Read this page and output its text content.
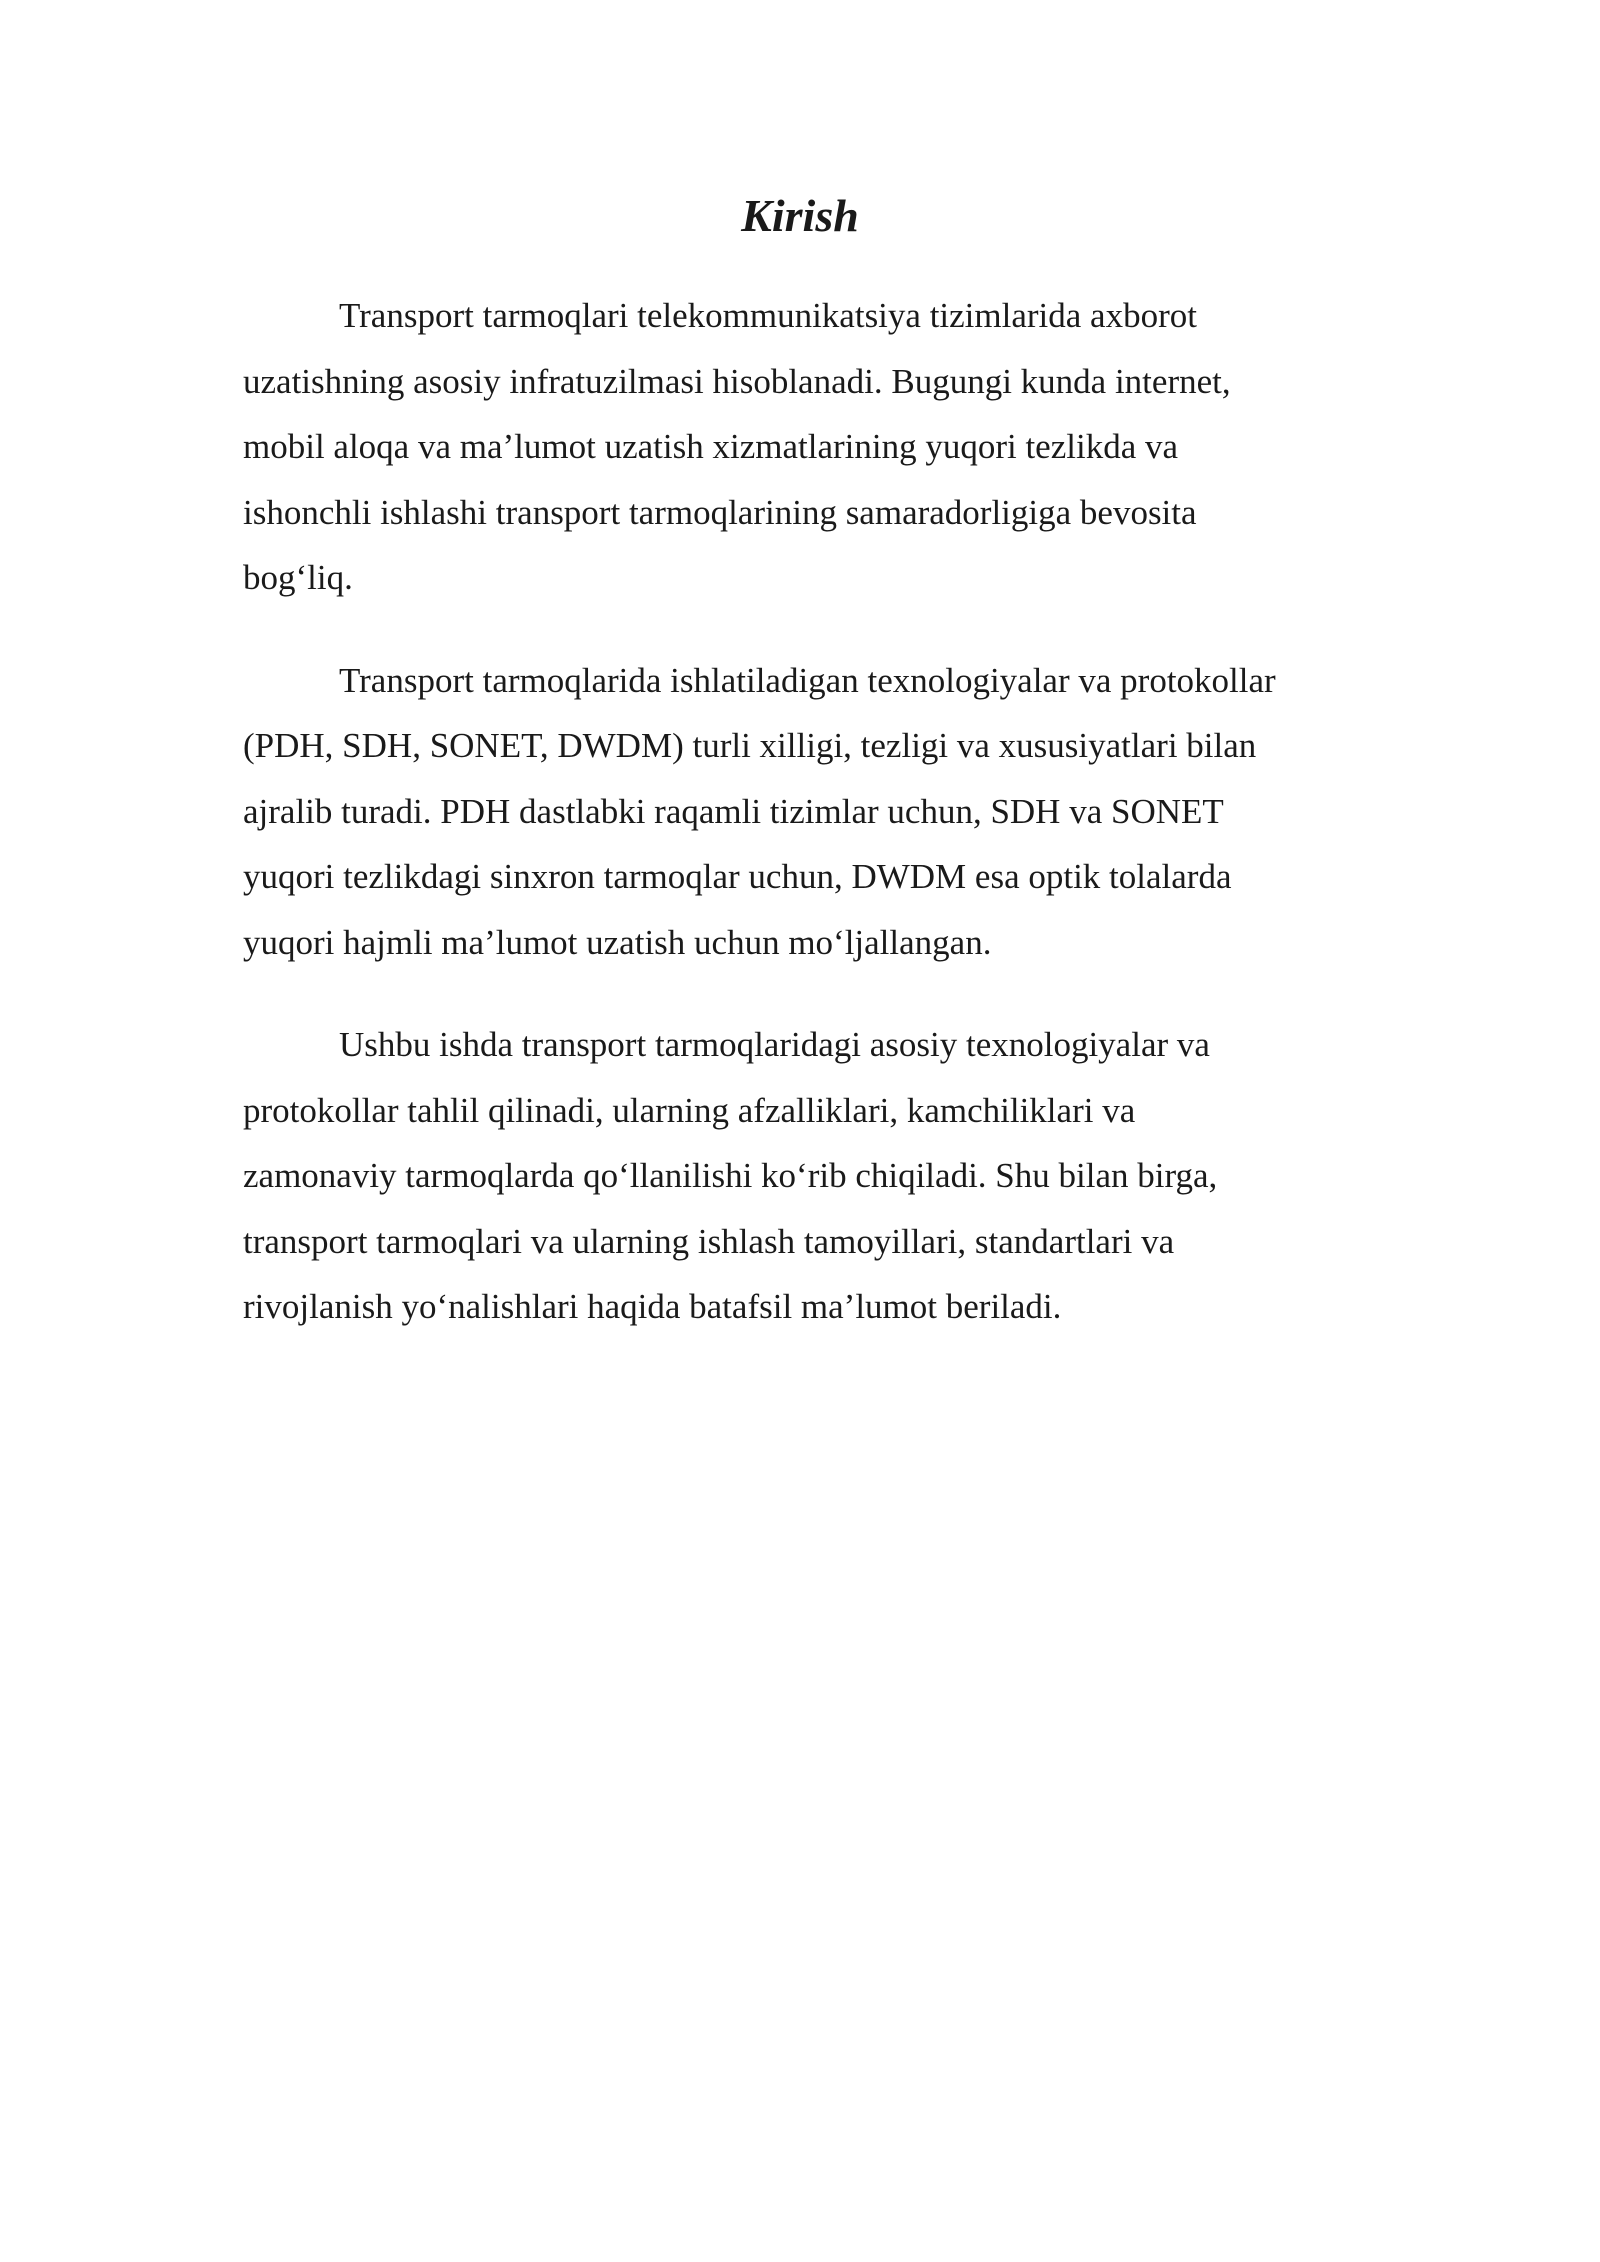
Kirish

Transport tarmoqlari telekommunikatsiya tizimlarida axborot
uzatishning asosiy infratuzilmasi hisoblanadi. Bugungi kunda internet,
mobil aloqa va ma’lumot uzatish xizmatlarining yuqori tezlikda va
ishonchli ishlashi transport tarmoqlarining samaradorligiga bevosita
bog‘liq.

Transport tarmoqlarida ishlatiladigan texnologiyalar va protokollar
(PDH, SDH, SONET, DWDM) turli xilligi, tezligi va xususiyatlari bilan
ajralib turadi. PDH dastlabki raqamli tizimlar uchun, SDH va SONET
yuqori tezlikdagi sinxron tarmoqlar uchun, DWDM esa optik tolalarda
yuqori hajmli ma’lumot uzatish uchun mo‘ljallangan.

Ushbu ishda transport tarmoqlaridagi asosiy texnologiyalar va
protokollar tahlil qilinadi, ularning afzalliklari, kamchiliklari va
zamonaviy tarmoqlarda qo‘llanilishi ko‘rib chiqiladi. Shu bilan birga,
transport tarmoqlari va ularning ishlash tamoyillari, standartlari va
rivojlanish yo‘nalishlari haqida batafsil ma’lumot beriladi.
